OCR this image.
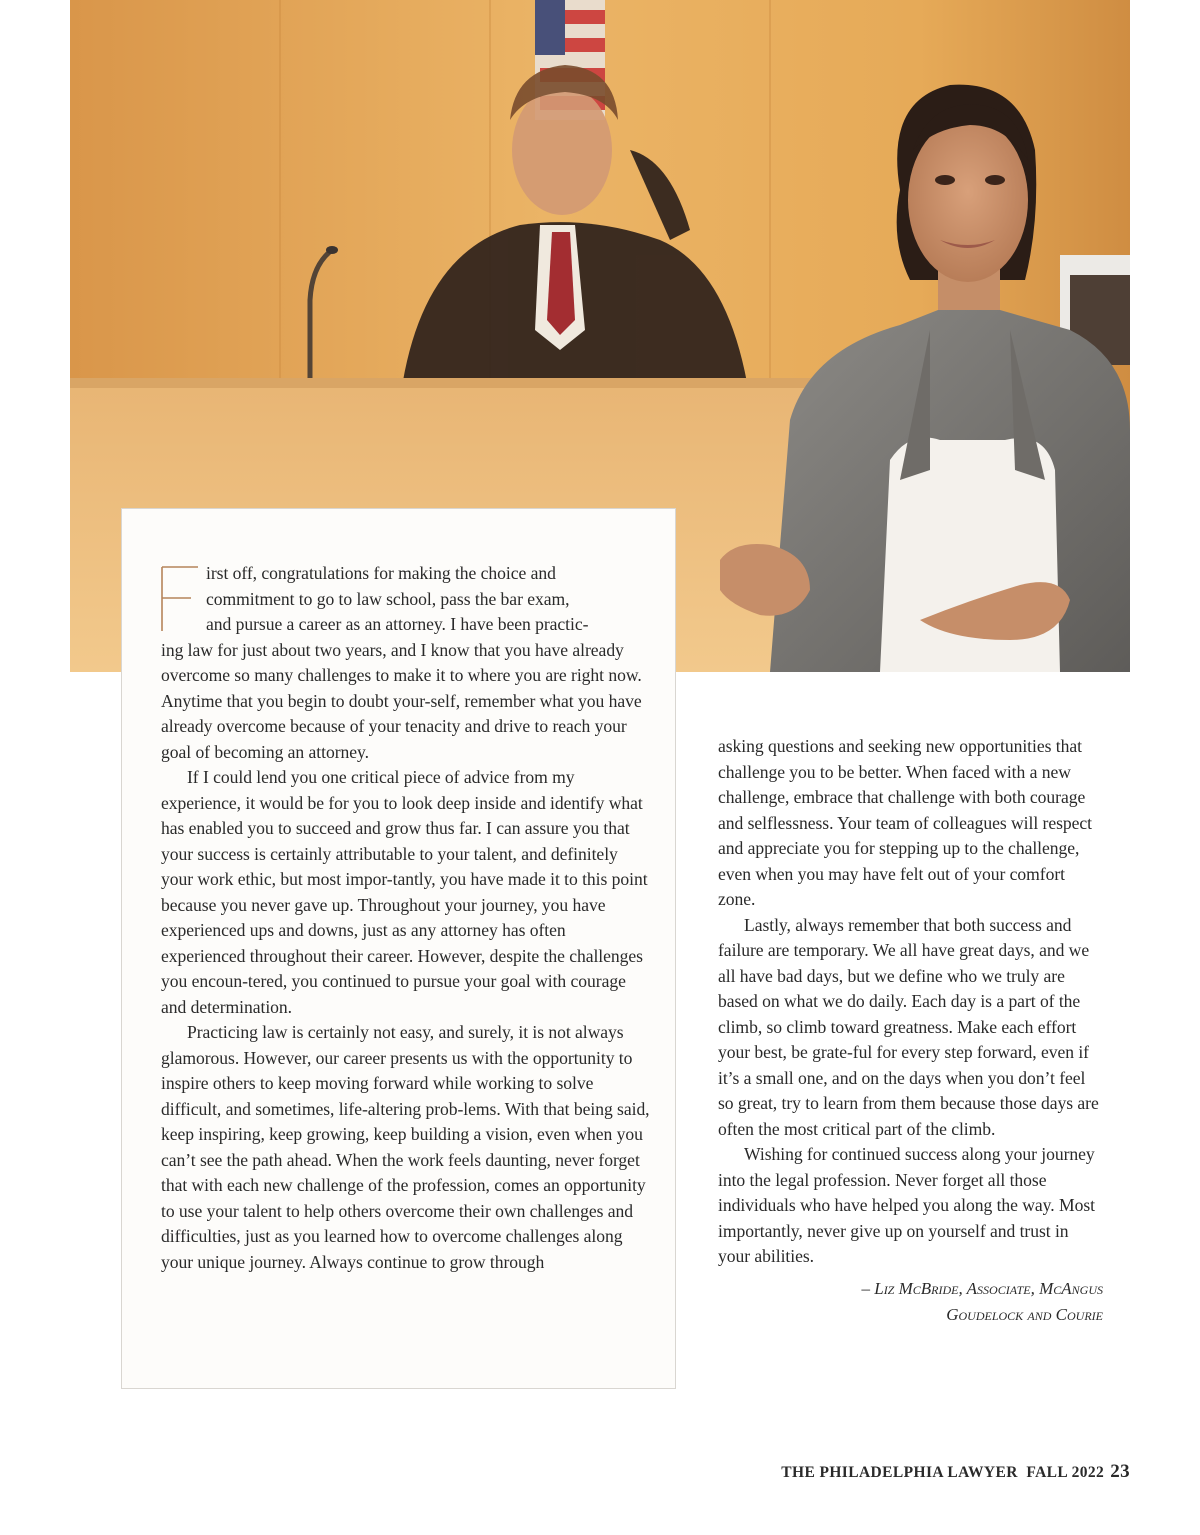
irst off, congratulations for making the choice and

commitment to go to law school, pass the bar exam,

and pursue a career as an attorney. I have been practic-

ing law for just about two years, and I know that you have already overcome so many challenges to make it to where you are right now. Anytime that you begin to doubt your-self, remember what you have already overcome because of your tenacity and drive to reach your goal of becoming an attorney.

If I could lend you one critical piece of advice from my experience, it would be for you to look deep inside and identify what has enabled you to succeed and grow thus far. I can assure you that your success is certainly attributable to your talent, and definitely your work ethic, but most impor-tantly, you have made it to this point because you never gave up. Throughout your journey, you have experienced ups and downs, just as any attorney has often experienced throughout their career. However, despite the challenges you encoun-tered, you continued to pursue your goal with courage and determination.

Practicing law is certainly not easy, and surely, it is not always glamorous. However, our career presents us with the opportunity to inspire others to keep moving forward while working to solve difficult, and sometimes, life-altering prob-lems. With that being said, keep inspiring, keep growing, keep building a vision, even when you can’t see the path ahead. When the work feels daunting, never forget that with each new challenge of the profession, comes an opportunity to use your talent to help others overcome their own challenges and difficulties, just as you learned how to overcome challenges along your unique journey. Always continue to grow through

asking questions and seeking new opportunities that challenge you to be better. When faced with a new challenge, embrace that challenge with both courage and selflessness. Your team of colleagues will respect and appreciate you for stepping up to the challenge, even when you may have felt out of your comfort zone.

Lastly, always remember that both success and failure are temporary. We all have great days, and we all have bad days, but we define who we truly are based on what we do daily. Each day is a part of the climb, so climb toward greatness. Make each effort your best, be grate-ful for every step forward, even if it’s a small one, and on the days when you don’t feel so great, try to learn from them because those days are often the most critical part of the climb.

Wishing for continued success along your journey into the legal profession. Never forget all those individuals who have helped you along the way. Most importantly, never give up on yourself and trust in your abilities.

– Liz McBride, Associate, McAngus
Goudelock and Courie

THE PHILADELPHIA LAWYER  FALL 2022 23
